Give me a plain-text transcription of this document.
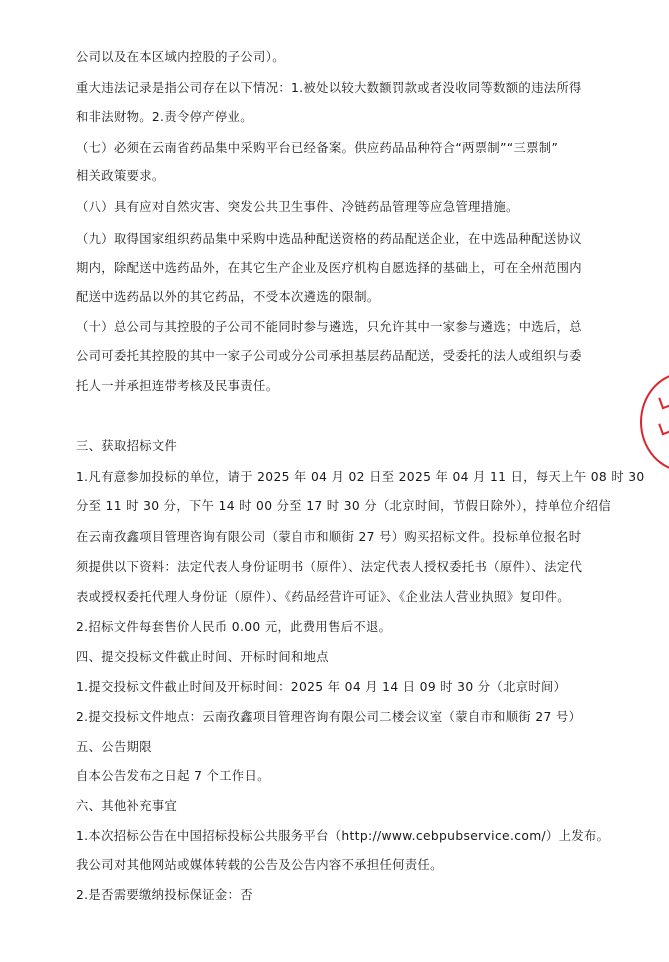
公司以及在本区域内控股的子公司）。
重大违法记录是指公司存在以下情况：1.被处以较大数额罚款或者没收同等数额的违法所得
和非法财物。2.责令停产停业。
（七）必须在云南省药品集中采购平台已经备案。供应药品品种符合“两票制”“三票制”
相关政策要求。
（八）具有应对自然灾害、突发公共卫生事件、冷链药品管理等应急管理措施。
（九）取得国家组织药品集中采购中选品种配送资格的药品配送企业，在中选品种配送协议
期内，除配送中选药品外，在其它生产企业及医疗机构自愿选择的基础上，可在全州范围内
配送中选药品以外的其它药品，不受本次遴选的限制。
（十）总公司与其控股的子公司不能同时参与遴选，只允许其中一家参与遴选；中选后，总
公司可委托其控股的其中一家子公司或分公司承担基层药品配送，受委托的法人或组织与委
托人一并承担连带考核及民事责任。
三、获取招标文件
1.凡有意参加投标的单位，请于 2025 年 04 月 02 日至 2025 年 04 月 11 日，每天上午 08 时 30
分至 11 时 30 分，下午 14 时 00 分至 17 时 30 分（北京时间，节假日除外），持单位介绍信
在云南孜鑫项目管理咨询有限公司（蒙自市和顺街 27 号）购买招标文件。投标单位报名时
须提供以下资料：法定代表人身份证明书（原件）、法定代表人授权委托书（原件）、法定代
表或授权委托代理人身份证（原件）、《药品经营许可证》、《企业法人营业执照》复印件。
2.招标文件每套售价人民币 0.00 元，此费用售后不退。
四、提交投标文件截止时间、开标时间和地点
1.提交投标文件截止时间及开标时间：2025 年 04 月 14 日 09 时 30 分（北京时间）
2.提交投标文件地点：云南孜鑫项目管理咨询有限公司二楼会议室（蒙自市和顺街 27 号）
五、公告期限
自本公告发布之日起 7 个工作日。
六、其他补充事宜
1.本次招标公告在中国招标投标公共服务平台（http://www.cebpubservice.com/）上发布。
我公司对其他网站或媒体转载的公告及公告内容不承担任何责任。
2.是否需要缴纳投标保证金：否
